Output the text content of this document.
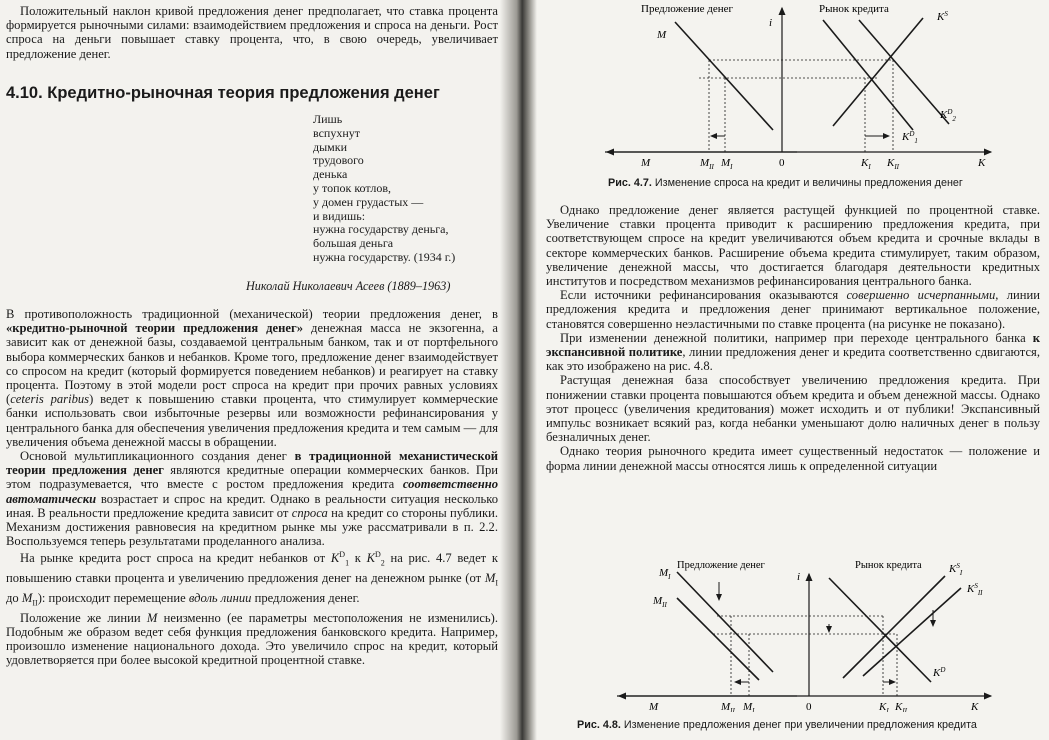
Положительный наклон кривой предложения денег предполагает, что ставка процента формируется рыночными силами: взаимодействием предложения и спроса на деньги. Рост спроса на деньги повышает ставку процента, что, в свою очередь, увеличивает предложение денег.

4.10. Кредитно-рыночная теория предложения денег
Лишь
вспухнут
дымки
трудового
денька
у топок котлов,
у домен грудастых —
и видишь:
нужна государству деньга,
большая деньга
нужна государству. (1934 г.)
Николай Николаевич Асеев (1889–1963)

В противоположность традиционной (механической) теории предложения денег, в «кредитно-рыночной теории предложения денег» денежная масса не экзогенна, а зависит как от денежной базы, создаваемой центральным банком, так и от портфельного выбора коммерческих банков и небанков. Кроме того, предложение денег взаимодействует со спросом на кредит (который формируется поведением небанков) и реагирует на ставку процента. Поэтому в этой модели рост спроса на кредит при прочих равных условиях (ceteris paribus) ведет к повышению ставки процента, что стимулирует коммерческие банки использовать свои избыточные резервы или возможности рефинансирования у центрального банка для обеспечения увеличения предложения кредита и тем самым — для увеличения объема денежной массы в обращении.

Основой мультипликационного создания денег в традиционной механистической теории предложения денег являются кредитные операции коммерческих банков. При этом подразумевается, что вместе с ростом предложения кредита соответственно автоматически возрастает и спрос на кредит. Однако в реальности ситуация несколько иная. В реальности предложение кредита зависит от спроса на кредит со стороны публики. Механизм достижения равновесия на кредитном рынке мы уже рассматривали в п. 2.2. Воспользуемся теперь результатами проделанного анализа.

На рынке кредита рост спроса на кредит небанков от $K^D_1$ к $K^D_2$ на рис. 4.7 ведет к повышению ставки процента и увеличению предложения денег на денежном рынке (от $M_I$ до $M_{II}$): происходит перемещение вдоль линии предложения денег.

Положение же линии M неизменно (ее параметры местоположения не изменились). Подобным же образом ведет себя функция предложения банковского кредита. Например, произошло изменение национального дохода. Это увеличило спрос на кредит, который удовлетворяется при более высокой кредитной процентной ставке.

Предложение денег	Рынок кредита
i
M
$K^S$
$K^D_2$
$K^D_1$
M	$M_{II}$ $M_I$	0	$K_I$ $K_{II}$	K
Рис. 4.7. Изменение спроса на кредит и величины предложения денег

Однако предложение денег является растущей функцией по процентной ставке. Увеличение ставки процента приводит к расширению предложения кредита, при соответствующем спросе на кредит увеличиваются объем кредита и срочные вклады в секторе коммерческих банков. Расширение объема кредита стимулирует, таким образом, увеличение денежной массы, что достигается благодаря деятельности кредитных институтов и посредством механизмов рефинансирования центрального банка.

Если источники рефинансирования оказываются совершенно исчерпанными, линии предложения кредита и предложения денег принимают вертикальное положение, становятся совершенно неэластичными по ставке процента (на рисунке не показано).

При изменении денежной политики, например при переходе центрального банка к экспансивной политике, линии предложения денег и кредита соответственно сдвигаются, как это изображено на рис. 4.8.

Растущая денежная база способствует увеличению предложения кредита. При понижении ставки процента повышаются объем кредита и объем денежной массы. Однако этот процесс (увеличения кредитования) может исходить и от публики! Экспансивный импульс возникает всякий раз, когда небанки уменьшают долю наличных денег в пользу безналичных денег.

Однако теория рыночного кредита имеет существенный недостаток — положение и форма линии денежной массы относятся лишь к определенной ситуации

Предложение денег	Рынок кредита
i
$M_I$
$M_{II}$
$K^S_I$
$K^S_{II}$
$K^D$
M	$M_{II}$ $M_I$	0	$K_I$ $K_{II}$	K
Рис. 4.8. Изменение предложения денег при увеличении предложения кредита
